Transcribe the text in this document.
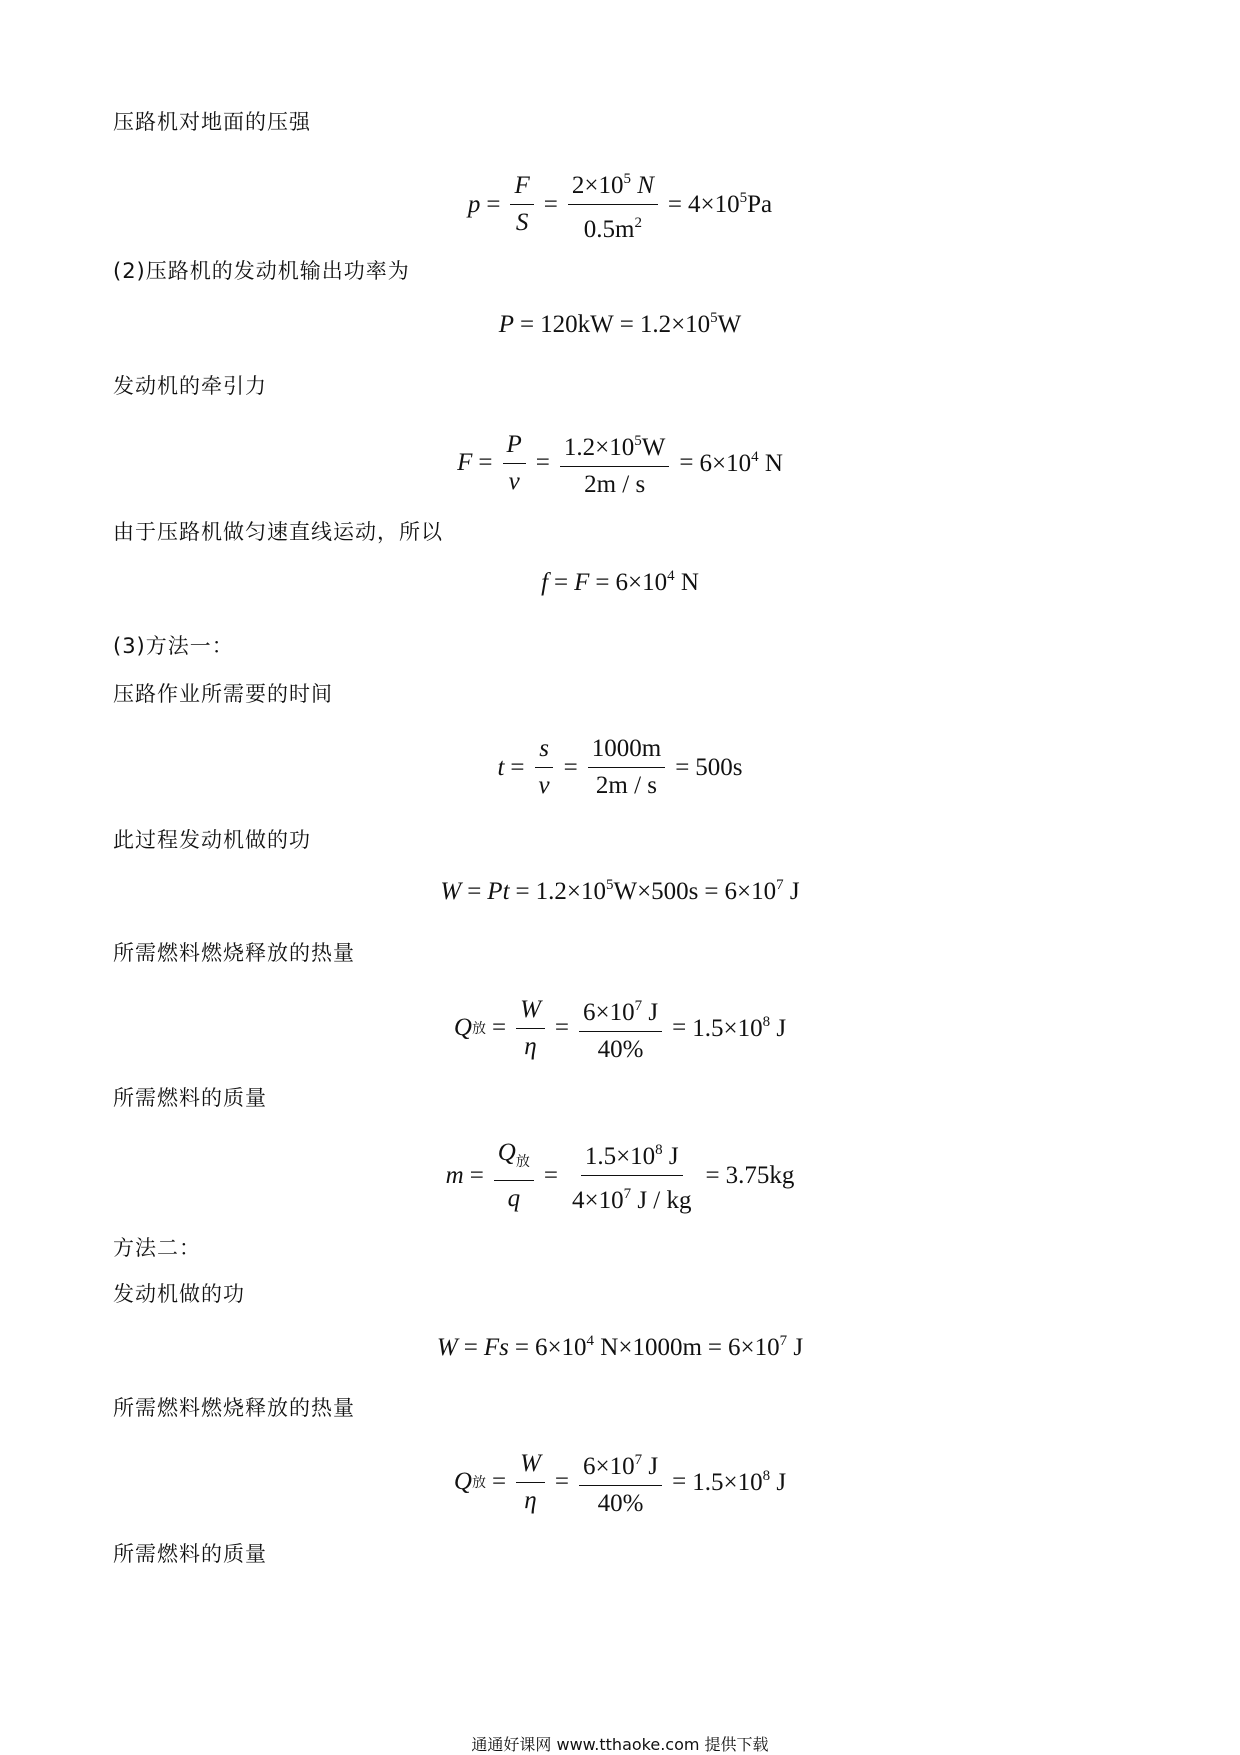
压路机对地面的压强
$p = \frac{F}{S} = \frac{2\times 10^5 N}{0.5m^2} = 4\times 10^5Pa$
(2)压路机的发动机输出功率为
$P = 120kW = 1.2\times 10^5W$
发动机的牵引力
$F = \frac{P}{v} = \frac{1.2\times 10^5W}{2m / s} = 6\times 10^4$ N
由于压路机做匀速直线运动，所以
$f = F = 6\times 10^4$ N
(3)方法一：
压路作业所需要的时间
$t = \frac{s}{v} = \frac{1000m}{2m / s} = 500s$
此过程发动机做的功
$W = Pt = 1.2\times 10^5W\times 500s = 6\times 10^7$ J
所需燃料燃烧释放的热量
Q 放 = $\frac{W}{\eta} = \frac{6\times 10^7 J}{40\%} = 1.5\times 10^8$ J
所需燃料的质量
$m = \frac{Q_放}{q} = \frac{1.5\times 10^8 J}{4\times 10^7 J / kg} = 3.75kg$
方法二：
发动机做的功
$W = Fs = 6\times 10^4$ $N\times 1000m = 6\times 10^7$ J
所需燃料燃烧释放的热量
Q 放 = $\frac{W}{\eta} = \frac{6\times 10^7 J}{40\%} = 1.5\times 10^8$ J
所需燃料的质量
通通好课网 www.tthaoke.com 提供下载
